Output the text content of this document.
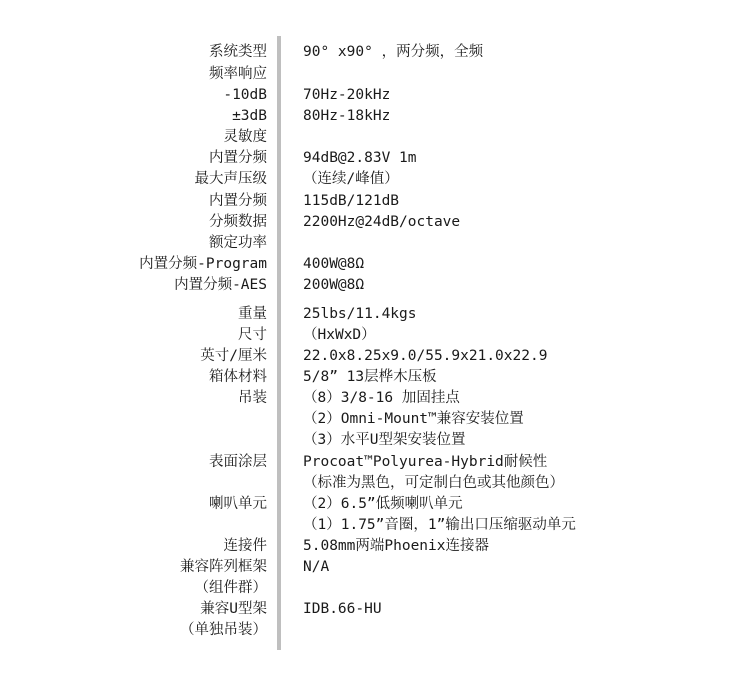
系统类型 90° x90° ，两分频，全频
频率响应
-10dB 70Hz-20kHz
±3dB 80Hz-18kHz
灵敏度
内置分频 94dB@2.83V 1m
最大声压级 （连续/峰值）
内置分频 115dB/121dB
分频数据 2200Hz@24dB/octave
额定功率
内置分频-Program 400W@8Ω
内置分频-AES 200W@8Ω
重量 25lbs/11.4kgs
尺寸 （HxWxD）
英寸/厘米 22.0x8.25x9.0/55.9x21.0x22.9
箱体材料 5/8” 13层桦木压板
吊装 （8）3/8-16 加固挂点
（2）Omni-Mount™兼容安装位置
（3）水平U型架安装位置
表面涂层 Procoat™Polyurea-Hybrid耐候性
（标准为黑色，可定制白色或其他颜色）
喇叭单元 （2）6.5”低频喇叭单元
（1）1.75”音圈，1”输出口压缩驱动单元
连接件 5.08mm两端Phoenix连接器
兼容阵列框架 N/A
（组件群）
兼容U型架 IDB.66-HU
（单独吊装）
